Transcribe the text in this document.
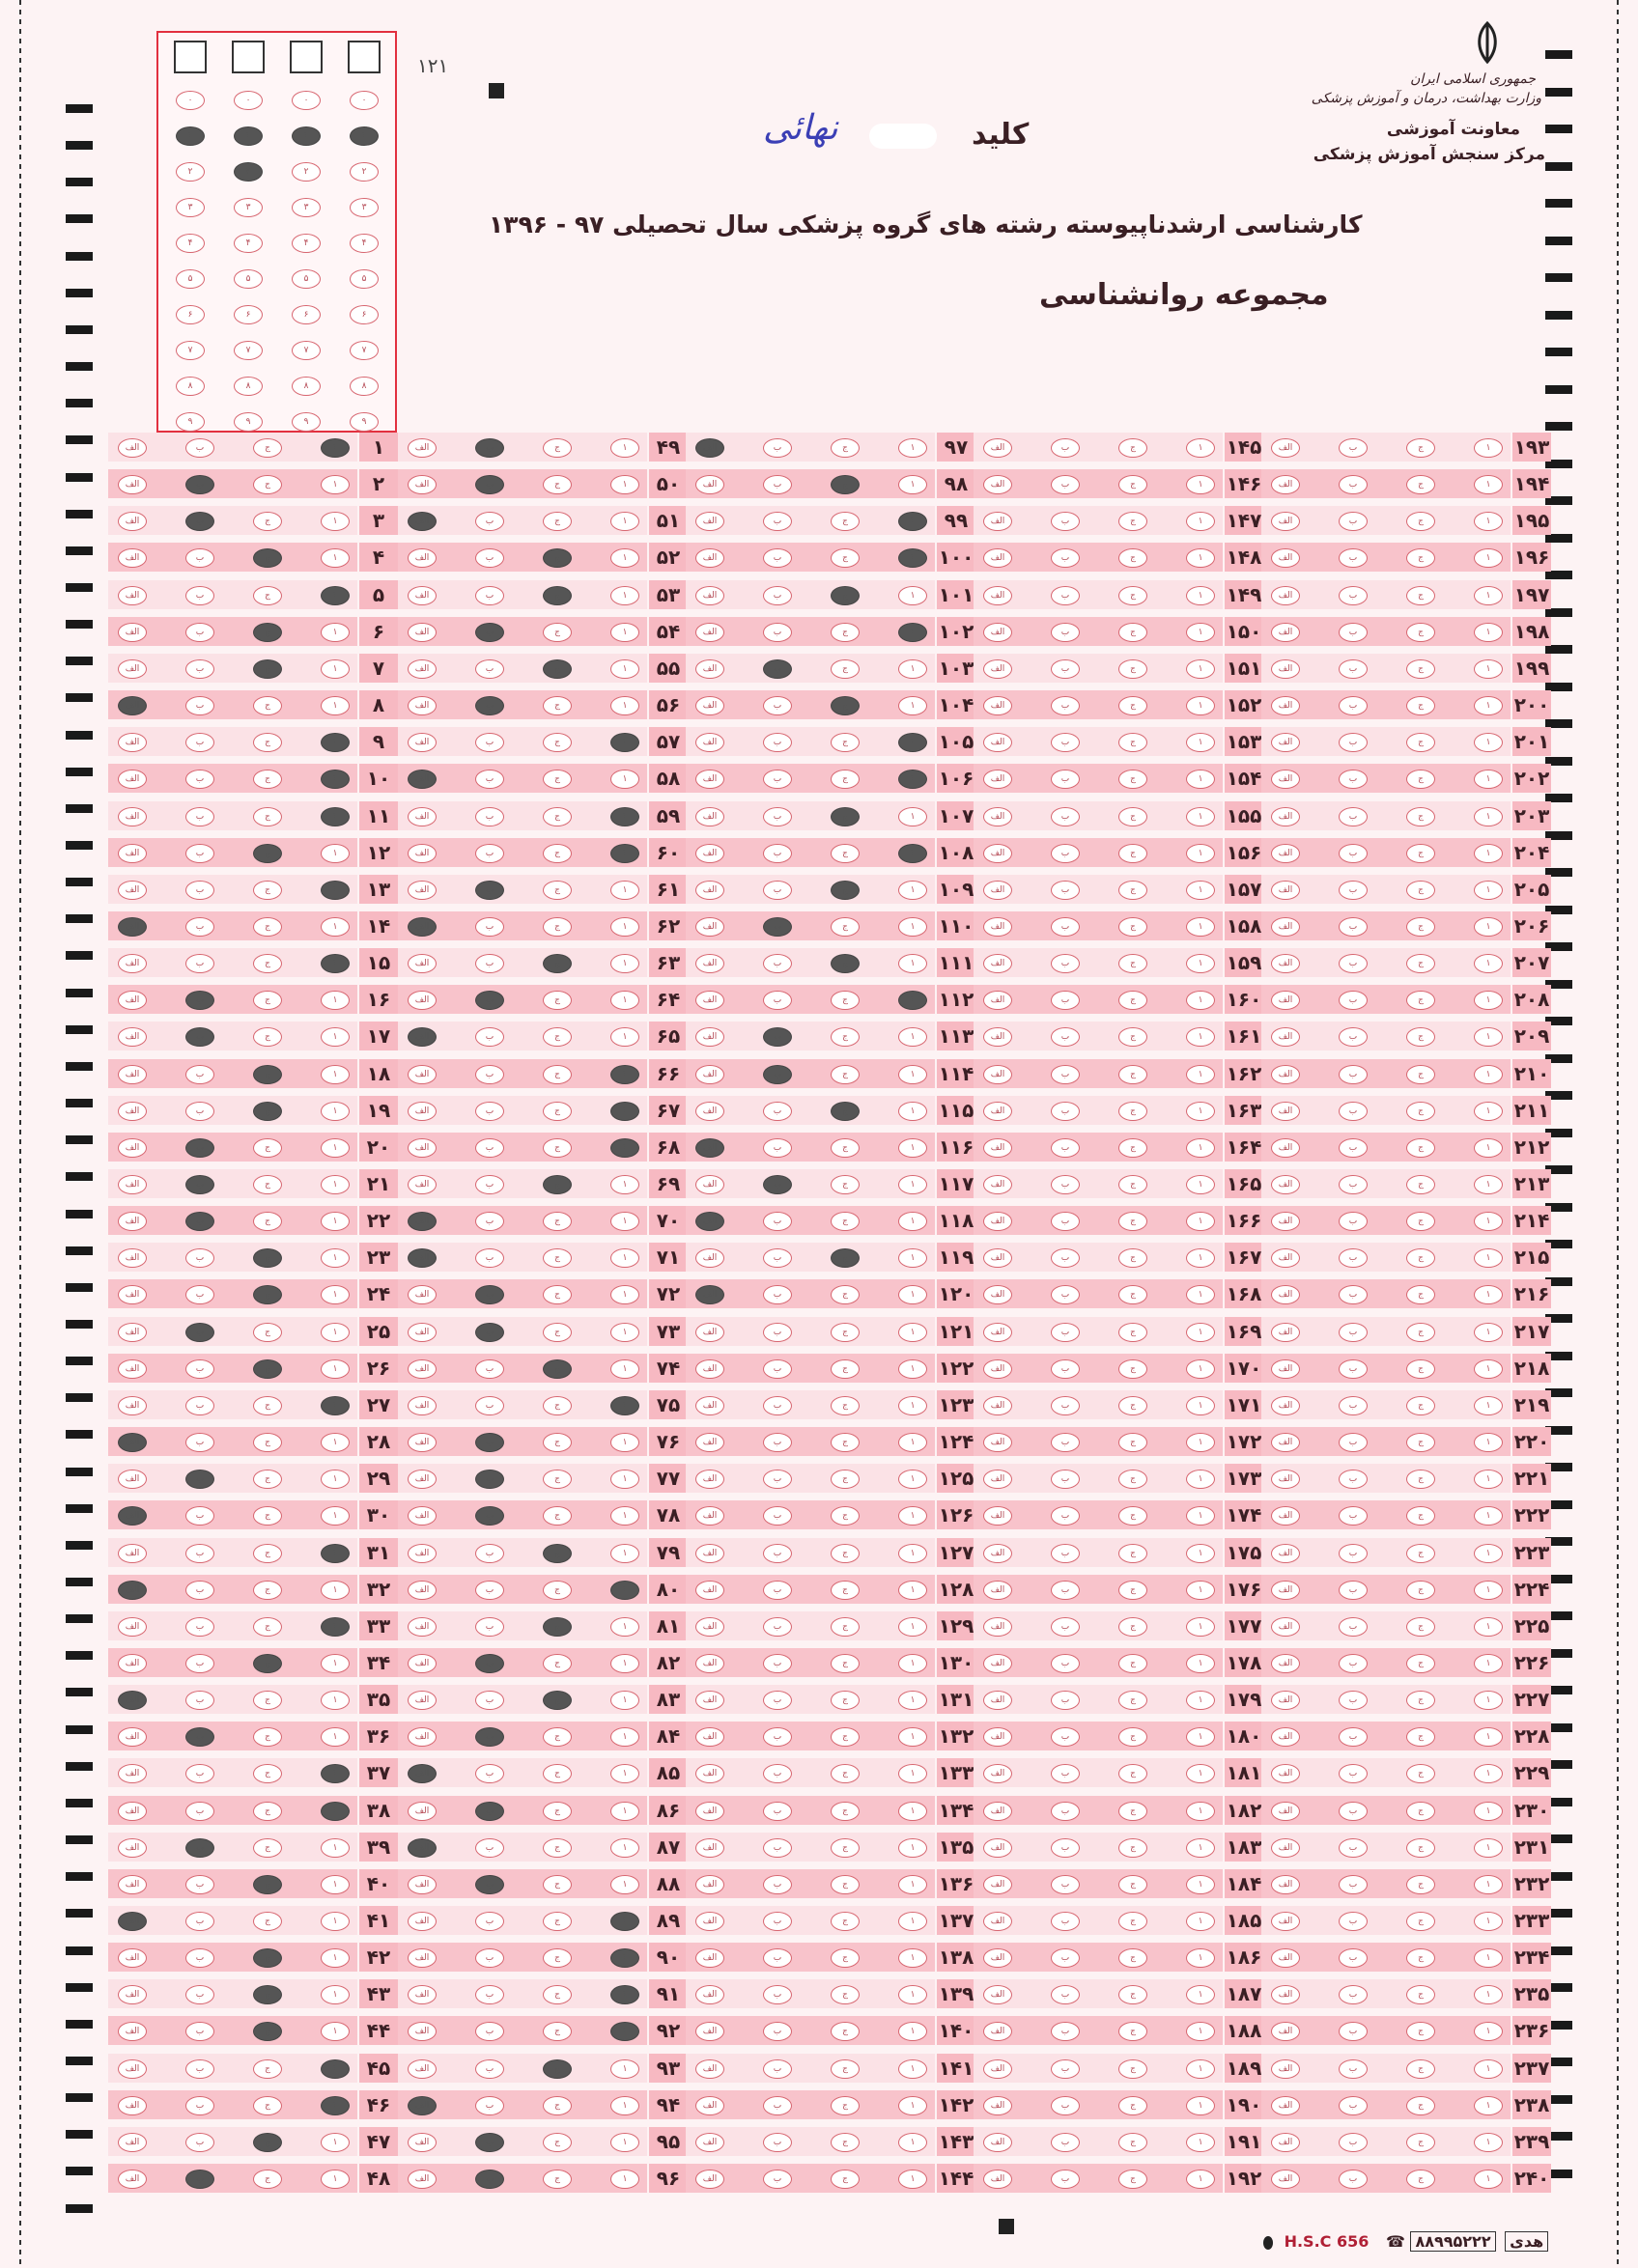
۰
۱
۲
۳
۴
۵
۶
۷
۸
۹
۰
۱
۲
۳
۴
۵
۶
۷
۸
۹
۰
۱
۲
۳
۴
۵
۶
۷
۸
۹
۰
۱
۲
۳
۴
۵
۶
۷
۸
۹
۱۲۱
جمهوری اسلامی ایران
وزارت بهداشت، درمان و آموزش پزشکی
معاونت آموزشی
مرکز سنجش آموزش پزشکی
کلید
نهائی
کارشناسی ارشدناپیوسته رشته های گروه پزشکی سال تحصیلی ۹۷ - ۱۳۹۶
مجموعه روانشناسی
۱
الف	ب	ج	۱
۲
الف	ب	ج	۱
۳
الف	ب	ج	۱
۴
الف	ب	ج	۱
۵
الف	ب	ج	۱
۶
الف	ب	ج	۱
۷
الف	ب	ج	۱
۸
الف	ب	ج	۱
۹
الف	ب	ج	۱
۱۰
الف	ب	ج	۱
۱۱
الف	ب	ج	۱
۱۲
الف	ب	ج	۱
۱۳
الف	ب	ج	۱
۱۴
الف	ب	ج	۱
۱۵
الف	ب	ج	۱
۱۶
الف	ب	ج	۱
۱۷
الف	ب	ج	۱
۱۸
الف	ب	ج	۱
۱۹
الف	ب	ج	۱
۲۰
الف	ب	ج	۱
۲۱
الف	ب	ج	۱
۲۲
الف	ب	ج	۱
۲۳
الف	ب	ج	۱
۲۴
الف	ب	ج	۱
۲۵
الف	ب	ج	۱
۲۶
الف	ب	ج	۱
۲۷
الف	ب	ج	۱
۲۸
الف	ب	ج	۱
۲۹
الف	ب	ج	۱
۳۰
الف	ب	ج	۱
۳۱
الف	ب	ج	۱
۳۲
الف	ب	ج	۱
۳۳
الف	ب	ج	۱
۳۴
الف	ب	ج	۱
۳۵
الف	ب	ج	۱
۳۶
الف	ب	ج	۱
۳۷
الف	ب	ج	۱
۳۸
الف	ب	ج	۱
۳۹
الف	ب	ج	۱
۴۰
الف	ب	ج	۱
۴۱
الف	ب	ج	۱
۴۲
الف	ب	ج	۱
۴۳
الف	ب	ج	۱
۴۴
الف	ب	ج	۱
۴۵
الف	ب	ج	۱
۴۶
الف	ب	ج	۱
۴۷
الف	ب	ج	۱
۴۸
الف	ب	ج	۱
۴۹
الف	ب	ج	۱
۵۰
الف	ب	ج	۱
۵۱
الف	ب	ج	۱
۵۲
الف	ب	ج	۱
۵۳
الف	ب	ج	۱
۵۴
الف	ب	ج	۱
۵۵
الف	ب	ج	۱
۵۶
الف	ب	ج	۱
۵۷
الف	ب	ج	۱
۵۸
الف	ب	ج	۱
۵۹
الف	ب	ج	۱
۶۰
الف	ب	ج	۱
۶۱
الف	ب	ج	۱
۶۲
الف	ب	ج	۱
۶۳
الف	ب	ج	۱
۶۴
الف	ب	ج	۱
۶۵
الف	ب	ج	۱
۶۶
الف	ب	ج	۱
۶۷
الف	ب	ج	۱
۶۸
الف	ب	ج	۱
۶۹
الف	ب	ج	۱
۷۰
الف	ب	ج	۱
۷۱
الف	ب	ج	۱
۷۲
الف	ب	ج	۱
۷۳
الف	ب	ج	۱
۷۴
الف	ب	ج	۱
۷۵
الف	ب	ج	۱
۷۶
الف	ب	ج	۱
۷۷
الف	ب	ج	۱
۷۸
الف	ب	ج	۱
۷۹
الف	ب	ج	۱
۸۰
الف	ب	ج	۱
۸۱
الف	ب	ج	۱
۸۲
الف	ب	ج	۱
۸۳
الف	ب	ج	۱
۸۴
الف	ب	ج	۱
۸۵
الف	ب	ج	۱
۸۶
الف	ب	ج	۱
۸۷
الف	ب	ج	۱
۸۸
الف	ب	ج	۱
۸۹
الف	ب	ج	۱
۹۰
الف	ب	ج	۱
۹۱
الف	ب	ج	۱
۹۲
الف	ب	ج	۱
۹۳
الف	ب	ج	۱
۹۴
الف	ب	ج	۱
۹۵
الف	ب	ج	۱
۹۶
الف	ب	ج	۱
۹۷
الف	ب	ج	۱
۹۸
الف	ب	ج	۱
۹۹
الف	ب	ج	۱
۱۰۰
الف	ب	ج	۱
۱۰۱
الف	ب	ج	۱
۱۰۲
الف	ب	ج	۱
۱۰۳
الف	ب	ج	۱
۱۰۴
الف	ب	ج	۱
۱۰۵
الف	ب	ج	۱
۱۰۶
الف	ب	ج	۱
۱۰۷
الف	ب	ج	۱
۱۰۸
الف	ب	ج	۱
۱۰۹
الف	ب	ج	۱
۱۱۰
الف	ب	ج	۱
۱۱۱
الف	ب	ج	۱
۱۱۲
الف	ب	ج	۱
۱۱۳
الف	ب	ج	۱
۱۱۴
الف	ب	ج	۱
۱۱۵
الف	ب	ج	۱
۱۱۶
الف	ب	ج	۱
۱۱۷
الف	ب	ج	۱
۱۱۸
الف	ب	ج	۱
۱۱۹
الف	ب	ج	۱
۱۲۰
الف	ب	ج	۱
۱۲۱
الف	ب	ج	۱
۱۲۲
الف	ب	ج	۱
۱۲۳
الف	ب	ج	۱
۱۲۴
الف	ب	ج	۱
۱۲۵
الف	ب	ج	۱
۱۲۶
الف	ب	ج	۱
۱۲۷
الف	ب	ج	۱
۱۲۸
الف	ب	ج	۱
۱۲۹
الف	ب	ج	۱
۱۳۰
الف	ب	ج	۱
۱۳۱
الف	ب	ج	۱
۱۳۲
الف	ب	ج	۱
۱۳۳
الف	ب	ج	۱
۱۳۴
الف	ب	ج	۱
۱۳۵
الف	ب	ج	۱
۱۳۶
الف	ب	ج	۱
۱۳۷
الف	ب	ج	۱
۱۳۸
الف	ب	ج	۱
۱۳۹
الف	ب	ج	۱
۱۴۰
الف	ب	ج	۱
۱۴۱
الف	ب	ج	۱
۱۴۲
الف	ب	ج	۱
۱۴۳
الف	ب	ج	۱
۱۴۴
الف	ب	ج	۱
۱۴۵
الف	ب	ج	۱
۱۴۶
الف	ب	ج	۱
۱۴۷
الف	ب	ج	۱
۱۴۸
الف	ب	ج	۱
۱۴۹
الف	ب	ج	۱
۱۵۰
الف	ب	ج	۱
۱۵۱
الف	ب	ج	۱
۱۵۲
الف	ب	ج	۱
۱۵۳
الف	ب	ج	۱
۱۵۴
الف	ب	ج	۱
۱۵۵
الف	ب	ج	۱
۱۵۶
الف	ب	ج	۱
۱۵۷
الف	ب	ج	۱
۱۵۸
الف	ب	ج	۱
۱۵۹
الف	ب	ج	۱
۱۶۰
الف	ب	ج	۱
۱۶۱
الف	ب	ج	۱
۱۶۲
الف	ب	ج	۱
۱۶۳
الف	ب	ج	۱
۱۶۴
الف	ب	ج	۱
۱۶۵
الف	ب	ج	۱
۱۶۶
الف	ب	ج	۱
۱۶۷
الف	ب	ج	۱
۱۶۸
الف	ب	ج	۱
۱۶۹
الف	ب	ج	۱
۱۷۰
الف	ب	ج	۱
۱۷۱
الف	ب	ج	۱
۱۷۲
الف	ب	ج	۱
۱۷۳
الف	ب	ج	۱
۱۷۴
الف	ب	ج	۱
۱۷۵
الف	ب	ج	۱
۱۷۶
الف	ب	ج	۱
۱۷۷
الف	ب	ج	۱
۱۷۸
الف	ب	ج	۱
۱۷۹
الف	ب	ج	۱
۱۸۰
الف	ب	ج	۱
۱۸۱
الف	ب	ج	۱
۱۸۲
الف	ب	ج	۱
۱۸۳
الف	ب	ج	۱
۱۸۴
الف	ب	ج	۱
۱۸۵
الف	ب	ج	۱
۱۸۶
الف	ب	ج	۱
۱۸۷
الف	ب	ج	۱
۱۸۸
الف	ب	ج	۱
۱۸۹
الف	ب	ج	۱
۱۹۰
الف	ب	ج	۱
۱۹۱
الف	ب	ج	۱
۱۹۲
الف	ب	ج	۱
۱۹۳
الف	ب	ج	۱
۱۹۴
الف	ب	ج	۱
۱۹۵
الف	ب	ج	۱
۱۹۶
الف	ب	ج	۱
۱۹۷
الف	ب	ج	۱
۱۹۸
الف	ب	ج	۱
۱۹۹
الف	ب	ج	۱
۲۰۰
الف	ب	ج	۱
۲۰۱
الف	ب	ج	۱
۲۰۲
الف	ب	ج	۱
۲۰۳
الف	ب	ج	۱
۲۰۴
الف	ب	ج	۱
۲۰۵
الف	ب	ج	۱
۲۰۶
الف	ب	ج	۱
۲۰۷
الف	ب	ج	۱
۲۰۸
الف	ب	ج	۱
۲۰۹
الف	ب	ج	۱
۲۱۰
الف	ب	ج	۱
۲۱۱
الف	ب	ج	۱
۲۱۲
الف	ب	ج	۱
۲۱۳
الف	ب	ج	۱
۲۱۴
الف	ب	ج	۱
۲۱۵
الف	ب	ج	۱
۲۱۶
الف	ب	ج	۱
۲۱۷
الف	ب	ج	۱
۲۱۸
الف	ب	ج	۱
۲۱۹
الف	ب	ج	۱
۲۲۰
الف	ب	ج	۱
۲۲۱
الف	ب	ج	۱
۲۲۲
الف	ب	ج	۱
۲۲۳
الف	ب	ج	۱
۲۲۴
الف	ب	ج	۱
۲۲۵
الف	ب	ج	۱
۲۲۶
الف	ب	ج	۱
۲۲۷
الف	ب	ج	۱
۲۲۸
الف	ب	ج	۱
۲۲۹
الف	ب	ج	۱
۲۳۰
الف	ب	ج	۱
۲۳۱
الف	ب	ج	۱
۲۳۲
الف	ب	ج	۱
۲۳۳
الف	ب	ج	۱
۲۳۴
الف	ب	ج	۱
۲۳۵
الف	ب	ج	۱
۲۳۶
الف	ب	ج	۱
۲۳۷
الف	ب	ج	۱
۲۳۸
الف	ب	ج	۱
۲۳۹
الف	ب	ج	۱
۲۴۰
الف	ب	ج	۱
H.S.C 656 ☎ ۸۸۹۹۵۲۲۲ هدی
